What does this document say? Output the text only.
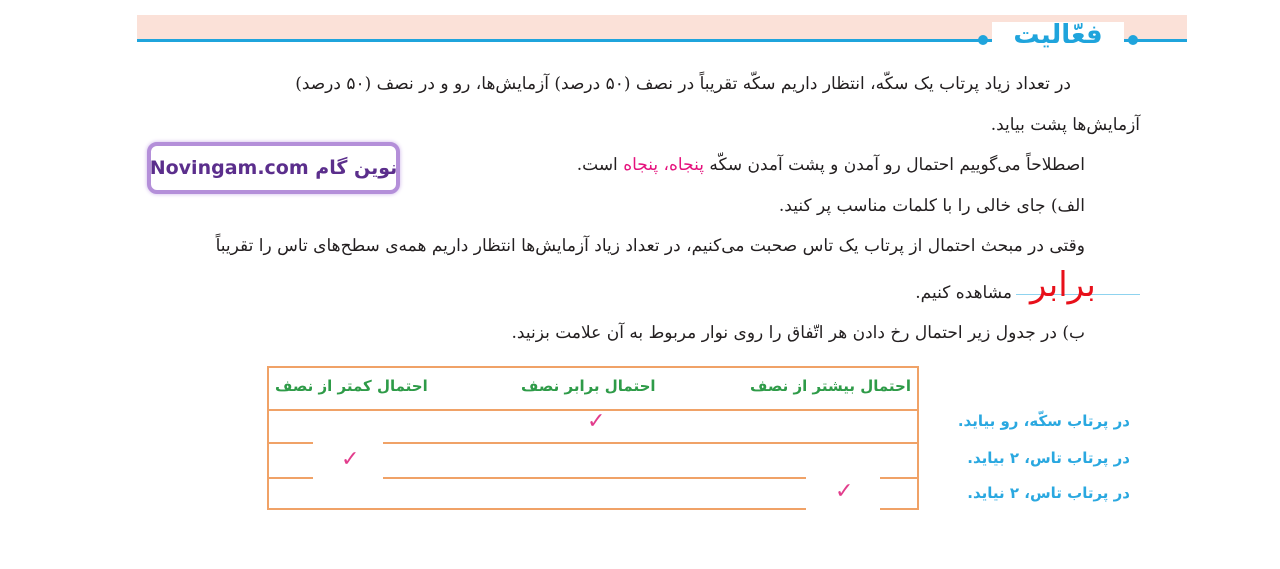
فعّالیت
در تعداد زیاد پرتاب یک سکّه، انتظار داریم سکّه تقریباً در نصف (۵۰ درصد) آزمایش‌ها، رو و در نصف (۵۰ درصد)
آزمایش‌ها پشت بیاید.
اصطلاحاً می‌گوییم احتمال رو آمدن و پشت آمدن سکّه پنجاه، پنجاه است.
الف) جای خالی را با کلمات مناسب پر کنید.
وقتی در مبحث احتمال از پرتاب یک تاس صحبت می‌کنیم، در تعداد زیاد آزمایش‌ها انتظار داریم همه‌ی سطح‌های تاس را تقریباً
مشاهده کنیم. برابر
ب) در جدول زیر احتمال رخ دادن هر اتّفاق را روی نوار مربوط به آن علامت بزنید.
Novingam.com نوین گام
احتمال بیشتر از نصف
احتمال برابر نصف
احتمال کمتر از نصف
✓
✓
✓
در پرتاب سکّه، رو بیاید.
در پرتاب تاس، ۲ بیاید.
در پرتاب تاس، ۲ نیاید.
